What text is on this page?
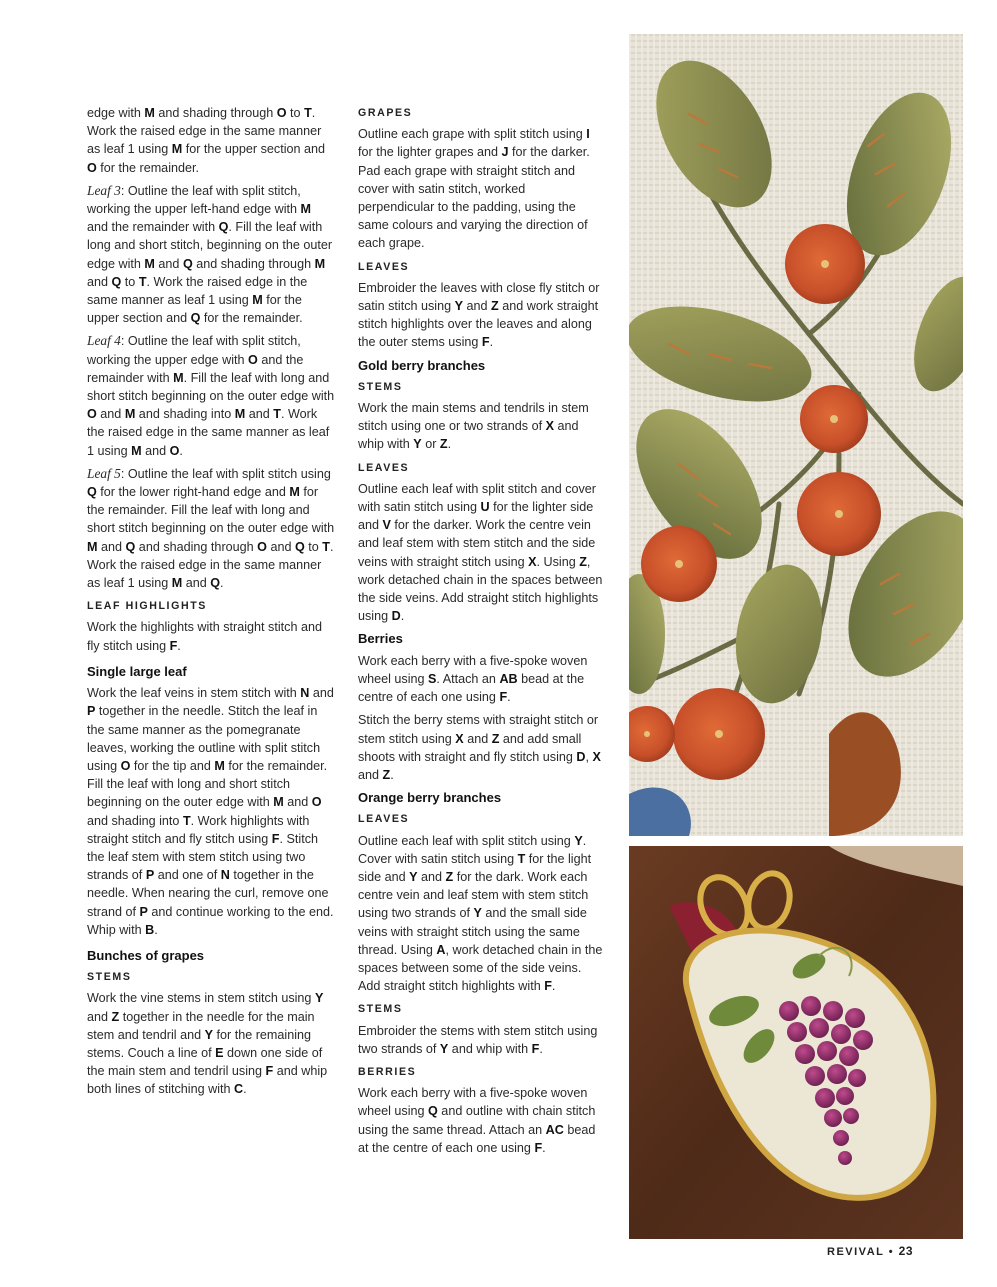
edge with M and shading through O to T. Work the raised edge in the same manner as leaf 1 using M for the upper section and O for the remainder.

Leaf 3: Outline the leaf with split stitch, working the upper left-hand edge with M and the remainder with Q. Fill the leaf with long and short stitch, beginning on the outer edge with M and Q and shading through M and Q to T. Work the raised edge in the same manner as leaf 1 using M for the upper section and Q for the remainder.

Leaf 4: Outline the leaf with split stitch, working the upper edge with O and the remainder with M. Fill the leaf with long and short stitch beginning on the outer edge with O and M and shading into M and T. Work the raised edge in the same manner as leaf 1 using M and O.

Leaf 5: Outline the leaf with split stitch using Q for the lower right-hand edge and M for the remainder. Fill the leaf with long and short stitch beginning on the outer edge with M and Q and shading through O and Q to T. Work the raised edge in the same manner as leaf 1 using M and Q.

LEAF HIGHLIGHTS

Work the highlights with straight stitch and fly stitch using F.

Single large leaf

Work the leaf veins in stem stitch with N and P together in the needle. Stitch the leaf in the same manner as the pomegranate leaves, working the outline with split stitch using O for the tip and M for the remainder. Fill the leaf with long and short stitch beginning on the outer edge with M and O and shading into T. Work highlights with straight stitch and fly stitch using F. Stitch the leaf stem with stem stitch using two strands of P and one of N together in the needle. When nearing the curl, remove one strand of P and continue working to the end. Whip with B.

Bunches of grapes
STEMS

Work the vine stems in stem stitch using Y and Z together in the needle for the main stem and tendril and Y for the remaining stems. Couch a line of E down one side of the main stem and tendril using F and whip both lines of stitching with C.

GRAPES

Outline each grape with split stitch using I for the lighter grapes and J for the darker. Pad each grape with straight stitch and cover with satin stitch, worked perpendicular to the padding, using the same colours and varying the direction of each grape.

LEAVES

Embroider the leaves with close fly stitch or satin stitch using Y and Z and work straight stitch highlights over the leaves and along the outer stems using F.

Gold berry branches
STEMS

Work the main stems and tendrils in stem stitch using one or two strands of X and whip with Y or Z.

LEAVES

Outline each leaf with split stitch and cover with satin stitch using U for the lighter side and V for the darker. Work the centre vein and leaf stem with stem stitch and the side veins with straight stitch using X. Using Z, work detached chain in the spaces between the side veins. Add straight stitch highlights using D.

Berries

Work each berry with a five-spoke woven wheel using S. Attach an AB bead at the centre of each one using F.

Stitch the berry stems with straight stitch or stem stitch using X and Z and add small shoots with straight and fly stitch using D, X and Z.

Orange berry branches
LEAVES

Outline each leaf with split stitch using Y. Cover with satin stitch using T for the light side and Y and Z for the dark. Work each centre vein and leaf stem with stem stitch using two strands of Y and the small side veins with straight stitch using the same thread. Using A, work detached chain in the spaces between some of the side veins. Add straight stitch highlights with F.

STEMS

Embroider the stems with stem stitch using two strands of Y and whip with F.

BERRIES

Work each berry with a five-spoke woven wheel using Q and outline with chain stitch using the same thread. Attach an AC bead at the centre of each one using F.

REVIVAL • 23
